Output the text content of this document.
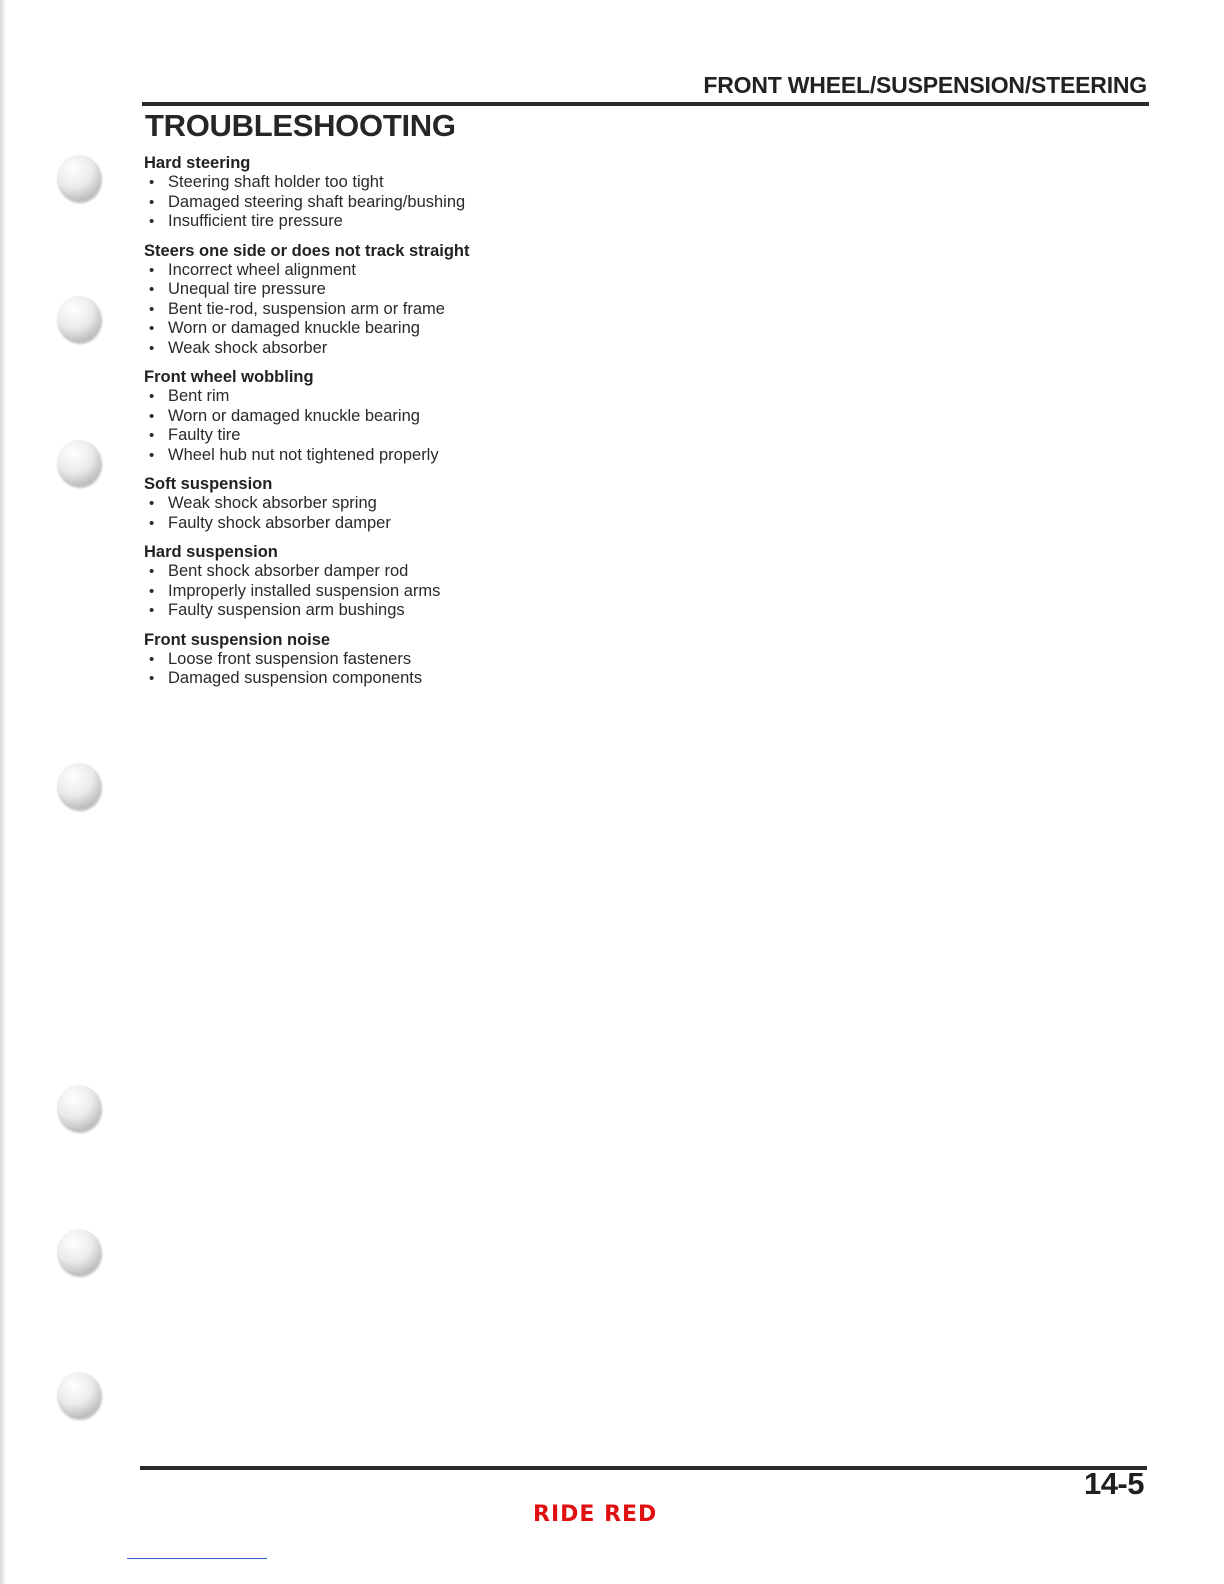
FRONT WHEEL/SUSPENSION/STEERING
TROUBLESHOOTING
Hard steering
• Steering shaft holder too tight
• Damaged steering shaft bearing/bushing
• Insufficient tire pressure
Steers one side or does not track straight
• Incorrect wheel alignment
• Unequal tire pressure
• Bent tie-rod, suspension arm or frame
• Worn or damaged knuckle bearing
• Weak shock absorber
Front wheel wobbling
• Bent rim
• Worn or damaged knuckle bearing
• Faulty tire
• Wheel hub nut not tightened properly
Soft suspension
• Weak shock absorber spring
• Faulty shock absorber damper
Hard suspension
• Bent shock absorber damper rod
• Improperly installed suspension arms
• Faulty suspension arm bushings
Front suspension noise
• Loose front suspension fasteners
• Damaged suspension components
14-5
RIDE RED
